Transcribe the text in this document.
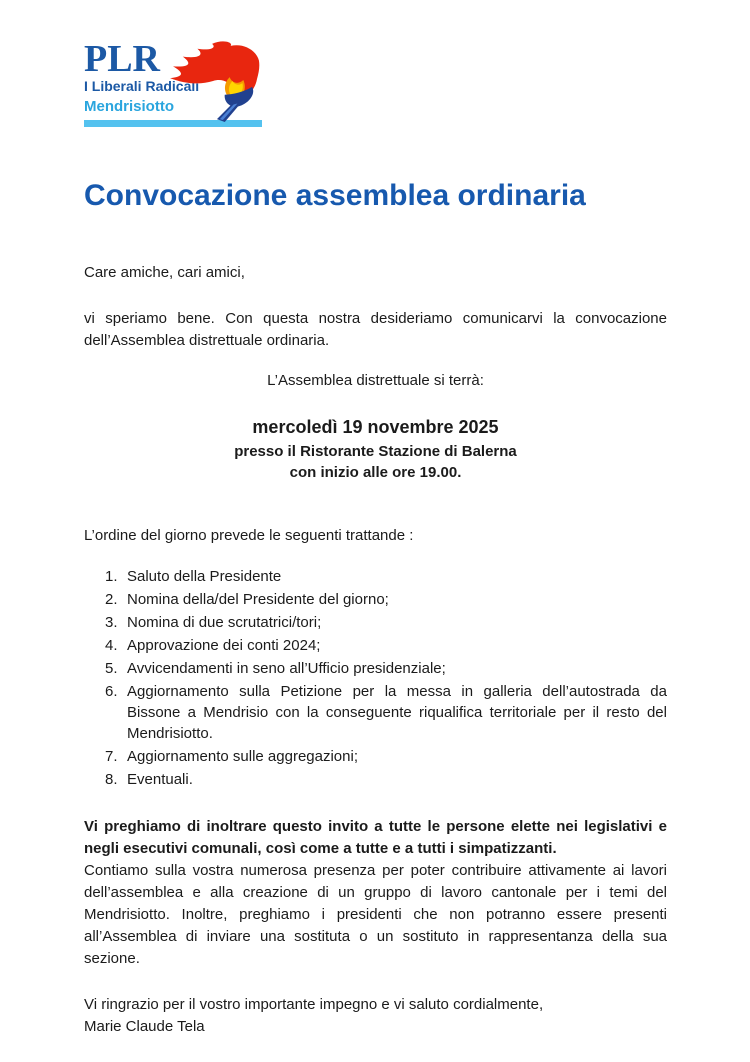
PLR
I Liberali Radicali
Mendrisiotto
Convocazione assemblea ordinaria

Care amiche, cari amici,

vi speriamo bene. Con questa nostra desideriamo comunicarvi la convocazione dell’Assemblea distrettuale ordinaria.

L’Assemblea distrettuale si terrà:

mercoledì 19 novembre 2025
presso il Ristorante Stazione di Balerna
con inizio alle ore 19.00.

L’ordine del giorno prevede le seguenti trattande :

Saluto della Presidente
Nomina della/del Presidente del giorno;
Nomina di due scrutatrici/tori;
Approvazione dei conti 2024;
Avvicendamenti in seno all’Ufficio presidenziale;
Aggiornamento sulla Petizione per la messa in galleria dell’autostrada da Bissone a Mendrisio con la conseguente riqualifica territoriale per il resto del Mendrisiotto.
Aggiornamento sulle aggregazioni;
Eventuali.

Vi preghiamo di inoltrare questo invito a tutte le persone elette nei legislativi e negli esecutivi comunali, così come a tutte e a tutti i simpatizzanti.

Contiamo sulla vostra numerosa presenza per poter contribuire attivamente ai lavori dell’assemblea e alla creazione di un gruppo di lavoro cantonale per i temi del Mendrisiotto. Inoltre, preghiamo i presidenti che non potranno essere presenti all’Assemblea di inviare una sostituta o un sostituto in rappresentanza della sua sezione.

Vi ringrazio per il vostro importante impegno e vi saluto cordialmente,

Marie Claude Tela
